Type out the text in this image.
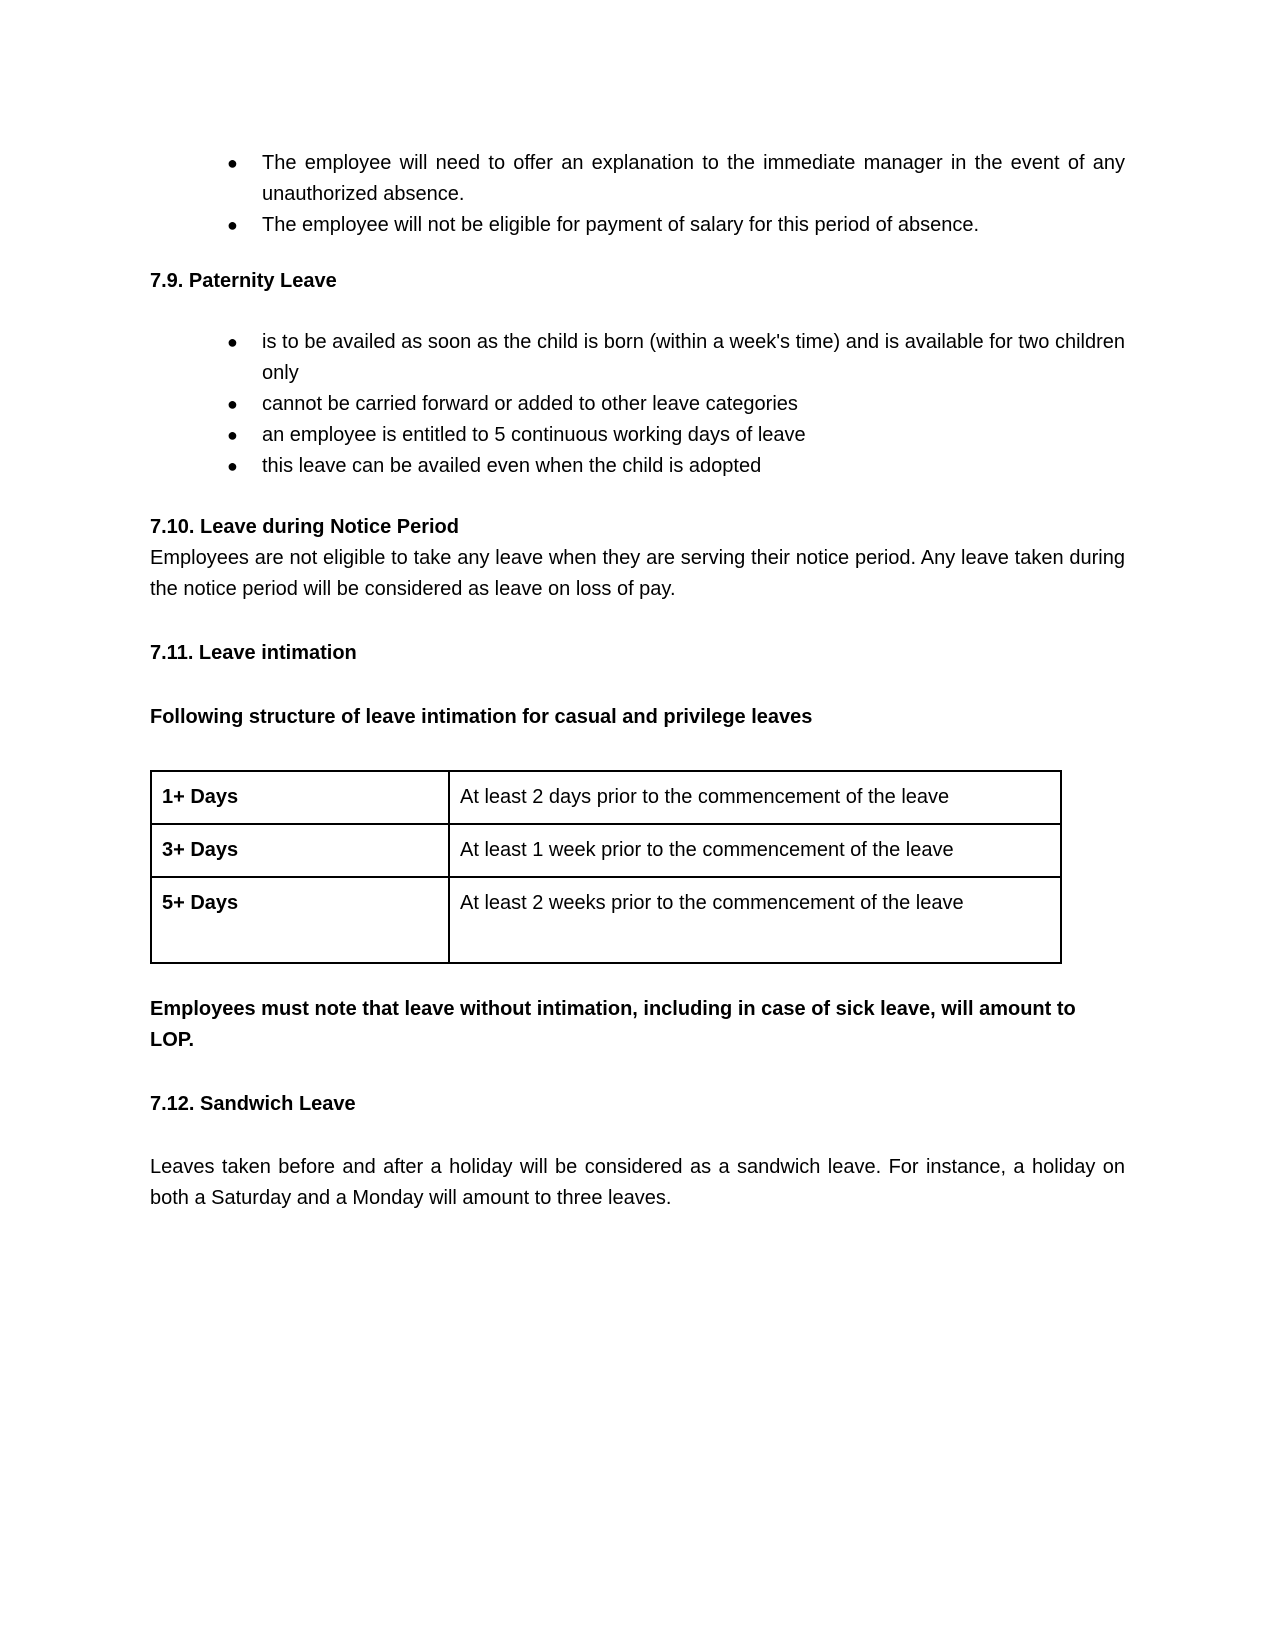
● The employee will need to offer an explanation to the immediate manager in the event of any unauthorized absence.
● The employee will not be eligible for payment of salary for this period of absence.

7.9. Paternity Leave

● is to be availed as soon as the child is born (within a week's time) and is available for two children only
● cannot be carried forward or added to other leave categories
● an employee is entitled to 5 continuous working days of leave
● this leave can be availed even when the child is adopted

7.10. Leave during Notice Period

Employees are not eligible to take any leave when they are serving their notice period. Any leave taken during the notice period will be considered as leave on loss of pay.

7.11. Leave intimation

Following structure of leave intimation for casual and privilege leaves

1+ Days	At least 2 days prior to the commencement of the leave
3+ Days	At least 1 week prior to the commencement of the leave
5+ Days	At least 2 weeks prior to the commencement of the leave

Employees must note that leave without intimation, including in case of sick leave, will amount to LOP.

7.12. Sandwich Leave

Leaves taken before and after a holiday will be considered as a sandwich leave. For instance, a holiday on both a Saturday and a Monday will amount to three leaves.
